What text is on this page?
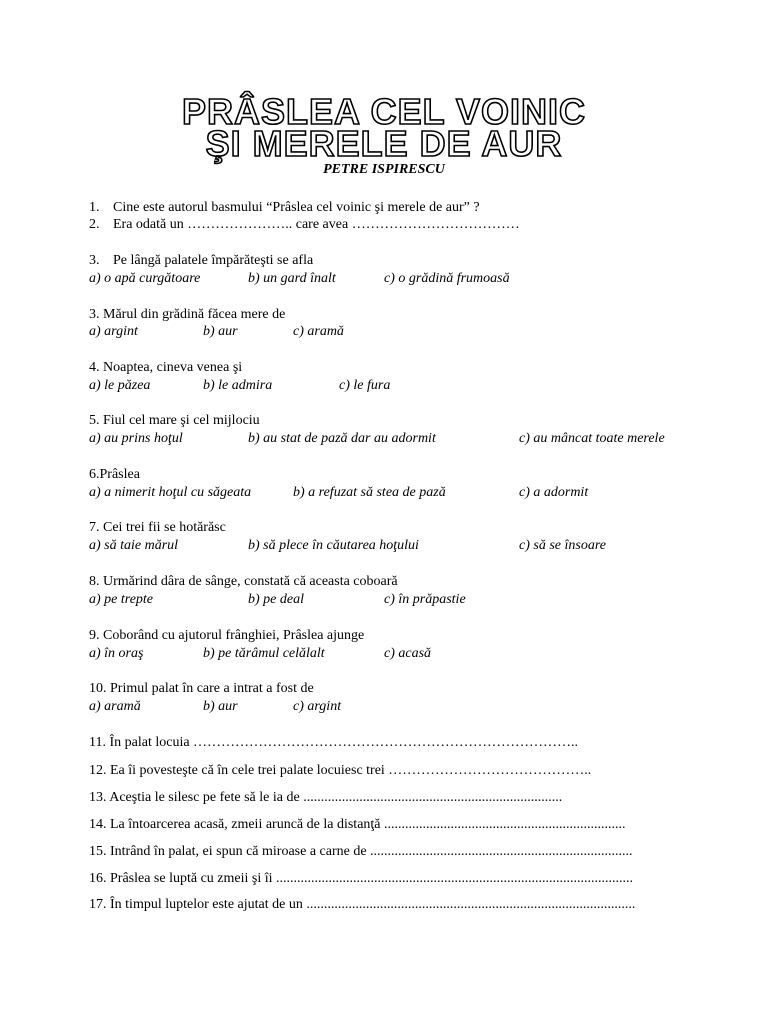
PRÂSLEA CEL VOINIC
ŞI MERELE DE AUR
PETRE ISPIRESCU
1. Cine este autorul basmului “Prâslea cel voinic şi merele de aur” ?
2. Era odată un ………………….. care avea ………………………………
3. Pe lângă palatele împărăteşti se afla
a) o apă curgătoare	b) un gard înalt	c) o grădină frumoasă
3. Mărul din grădină făcea mere de
a) argint	b) aur	c) aramă
4. Noaptea, cineva venea şi
a) le păzea	b) le admira	c) le fura
5. Fiul cel mare şi cel mijlociu
a) au prins hoţul	b) au stat de pază dar au adormit	c) au mâncat toate merele
6.Prâslea
a) a nimerit hoţul cu săgeata	b) a refuzat să stea de pază	c) a adormit
7. Cei trei fii se hotărăsc
a) să taie mărul	b) să plece în căutarea hoţului	c) să se însoare
8. Urmărind dâra de sânge, constată că aceasta coboară
a) pe trepte	b) pe deal	c) în prăpastie
9. Coborând cu ajutorul frânghiei, Prâslea ajunge
a) în oraş	b) pe tărâmul celălalt	c) acasă
10. Primul palat în care a intrat a fost de
a) aramă	b) aur	c) argint
11. În palat locuia ………………………………………………………………………..
12. Ea îi povesteşte că în cele trei palate locuiesc trei ……………………………………..
13. Aceştia le silesc pe fete să le ia de ..........................................................................
14. La întoarcerea acasă, zmeii aruncă de la distanţă .....................................................................
15. Intrând în palat, ei spun că miroase a carne de ...........................................................................
16. Prâslea se luptă cu zmeii şi îi ......................................................................................................
17. În timpul luptelor este ajutat de un ..............................................................................................
